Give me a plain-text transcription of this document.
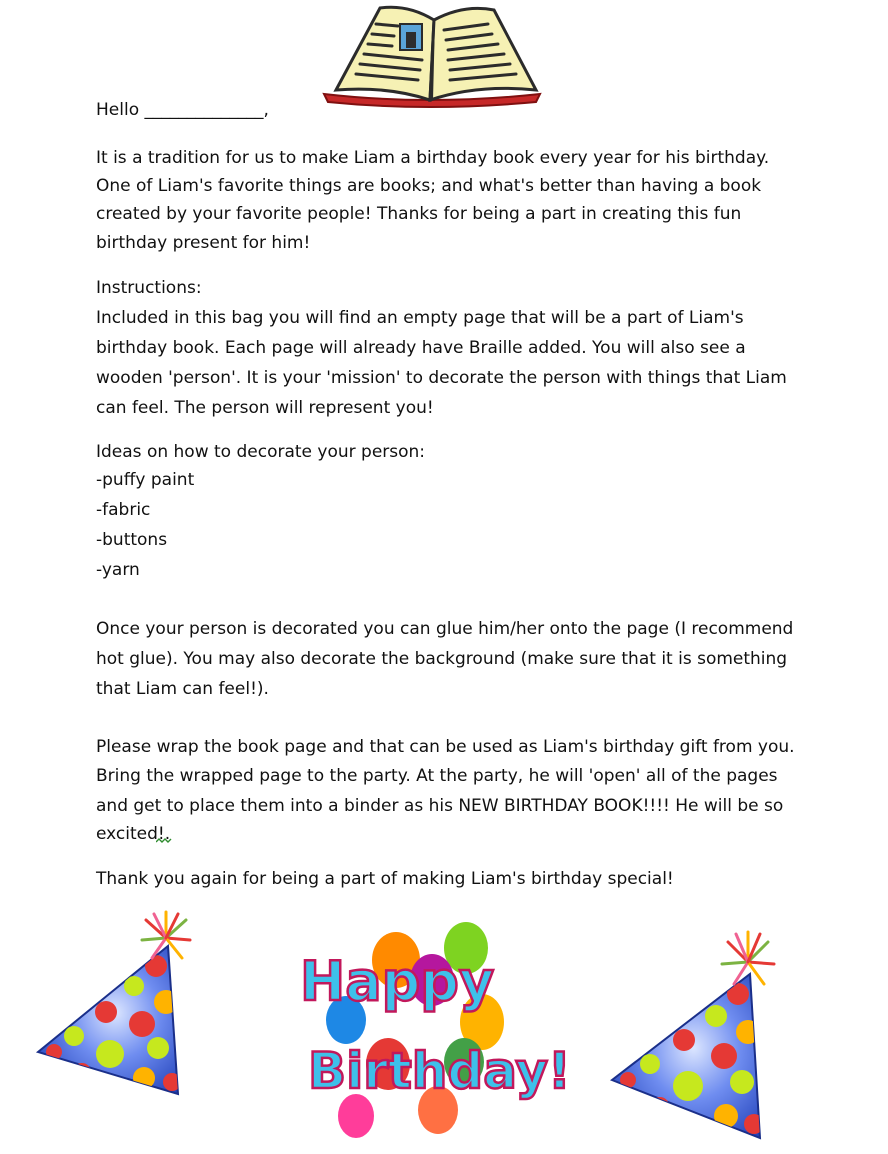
Hello ______________,

It is a tradition for us to make Liam a birthday book every year for his birthday.

One of Liam's favorite things are books; and what's better than having a book

created by your favorite people! Thanks for being a part in creating this fun

birthday present for him!

Instructions:

Included in this bag you will find an empty page that will be a part of Liam's

birthday book. Each page will already have Braille added. You will also see a

wooden 'person'. It is your 'mission' to decorate the person with things that Liam

can feel. The person will represent you!

Ideas on how to decorate your person:

-puffy paint

-fabric

-buttons

-yarn

Once your person is decorated you can glue him/her onto the page (I recommend

hot glue). You may also decorate the background (make sure that it is something

that Liam can feel!).

Please wrap the book page and that can be used as Liam's birthday gift from you.

Bring the wrapped page to the party. At the party, he will 'open' all of the pages

and get to place them into a binder as his NEW BIRTHDAY BOOK!!!! He will be so

excited!.

Thank you again for being a part of making Liam's birthday special!

Happy
Birthday!
